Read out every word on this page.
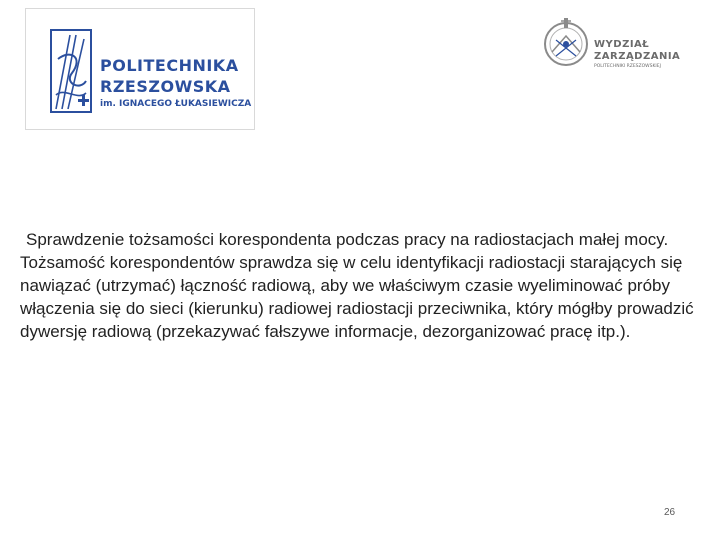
POLITECHNIKA
RZESZOWSKA
im. IGNACEGO ŁUKASIEWICZA
WYDZIAŁ
ZARZĄDZANIA
POLITECHNIKI RZESZOWSKIEJ
Sprawdzenie tożsamości korespondenta podczas pracy na radiostacjach małej mocy. Tożsamość korespondentów sprawdza się w celu identyfikacji radiostacji starających się nawiązać (utrzymać) łączność radiową, aby we właściwym czasie wyeliminować próby włączenia się do sieci (kierunku) radiowej radiostacji przeciwnika, który mógłby prowadzić dywersję radiową (przekazywać fałszywe informacje, dezorganizować pracę itp.).
26
